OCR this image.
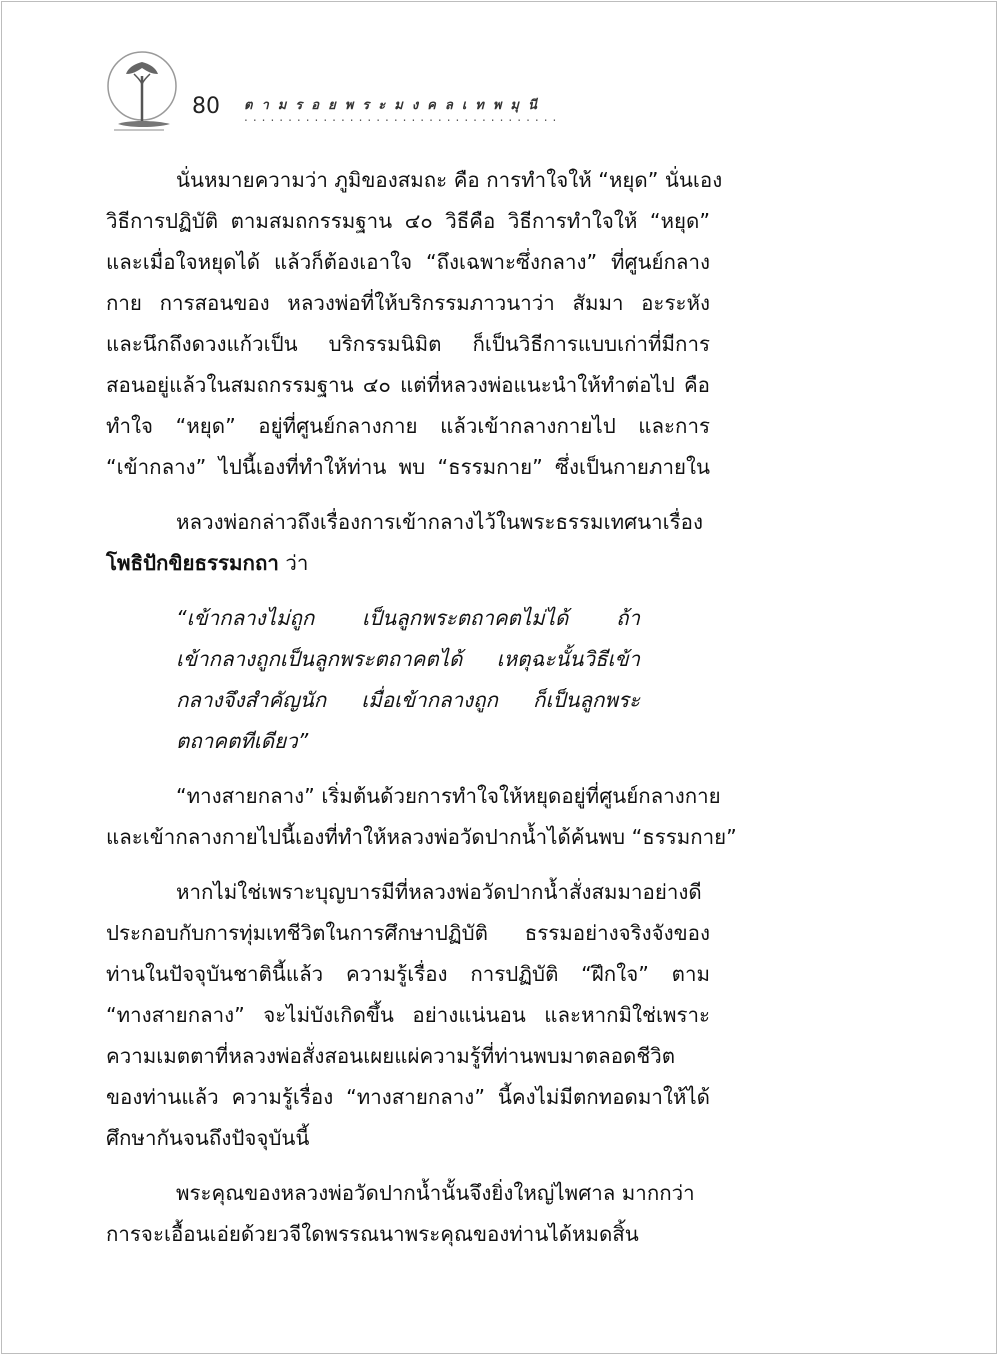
80 ตามรอยพระมงคลเทพมุนี
....................................
นั่นหมายความว่า ภูมิของสมถะ คือ การทำใจให้ “หยุด” นั่นเอง
วิธีการปฏิบัติ ตามสมถกรรมฐาน ๔๐ วิธีคือ วิธีการทำใจให้ “หยุด”
และเมื่อใจหยุดได้ แล้วก็ต้องเอาใจ “ถึงเฉพาะซึ่งกลาง” ที่ศูนย์กลาง
กาย การสอนของ หลวงพ่อที่ให้บริกรรมภาวนาว่า สัมมา อะระหัง
และนึกถึงดวงแก้วเป็น บริกรรมนิมิต ก็เป็นวิธีการแบบเก่าที่มีการ
สอนอยู่แล้วในสมถกรรมฐาน ๔๐ แต่ที่หลวงพ่อแนะนำให้ทำต่อไป คือ
ทำใจ “หยุด” อยู่ที่ศูนย์กลางกาย แล้วเข้ากลางกายไป และการ
“เข้ากลาง” ไปนี้เองที่ทำให้ท่าน พบ “ธรรมกาย” ซึ่งเป็นกายภายใน
หลวงพ่อกล่าวถึงเรื่องการเข้ากลางไว้ในพระธรรมเทศนาเรื่อง
โพธิปักขิยธรรมกถา ว่า
“เข้ากลางไม่ถูก เป็นลูกพระตถาคตไม่ได้ ถ้า
เข้ากลางถูกเป็นลูกพระตถาคตได้ เหตุฉะนั้นวิธีเข้า
กลางจึงสำคัญนัก เมื่อเข้ากลางถูก ก็เป็นลูกพระ
ตถาคตทีเดียว”
“ทางสายกลาง” เริ่มต้นด้วยการทำใจให้หยุดอยู่ที่ศูนย์กลางกาย
และเข้ากลางกายไปนี้เองที่ทำให้หลวงพ่อวัดปากน้ำได้ค้นพบ “ธรรมกาย”
หากไม่ใช่เพราะบุญบารมีที่หลวงพ่อวัดปากน้ำสั่งสมมาอย่างดี
ประกอบกับการทุ่มเทชีวิตในการศึกษาปฏิบัติ ธรรมอย่างจริงจังของ
ท่านในปัจจุบันชาตินี้แล้ว ความรู้เรื่อง การปฏิบัติ “ฝึกใจ” ตาม
“ทางสายกลาง” จะไม่บังเกิดขึ้น อย่างแน่นอน และหากมิใช่เพราะ
ความเมตตาที่หลวงพ่อสั่งสอนเผยแผ่ความรู้ที่ท่านพบมาตลอดชีวิต
ของท่านแล้ว ความรู้เรื่อง “ทางสายกลาง” นี้คงไม่มีตกทอดมาให้ได้
ศึกษากันจนถึงปัจจุบันนี้
พระคุณของหลวงพ่อวัดปากน้ำนั้นจึงยิ่งใหญ่ไพศาล มากกว่า
การจะเอื้อนเอ่ยด้วยวจีใดพรรณนาพระคุณของท่านได้หมดสิ้น
